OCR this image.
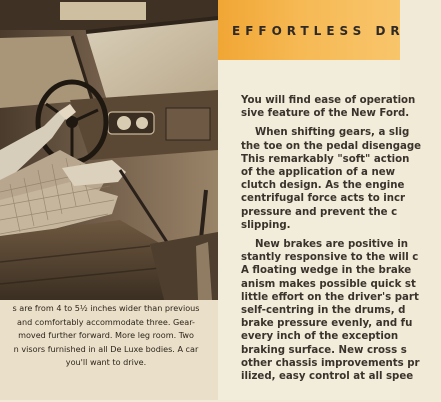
s are from 4 to 5½ inches wider than previous

and comfortably accommodate three. Gear-

moved further forward. More leg room. Two

n visors furnished in all De Luxe bodies. A car

you'll want to drive.

EFFORTLESS DR
You will find ease of operation
sive feature of the New Ford.
When shifting gears, a slig
the toe on the pedal disengage
This remarkably "soft" action
of the application of a new
clutch design. As the engine
centrifugal force acts to incr
pressure and prevent the c
slipping.
New brakes are positive in
stantly responsive to the will c
A floating wedge in the brake
anism makes possible quick st
little effort on the driver's part
self-centring in the drums, d
brake pressure evenly, and fu
every inch of the exception
braking surface. New cross s
other chassis improvements pr
ilized, easy control at all spee
